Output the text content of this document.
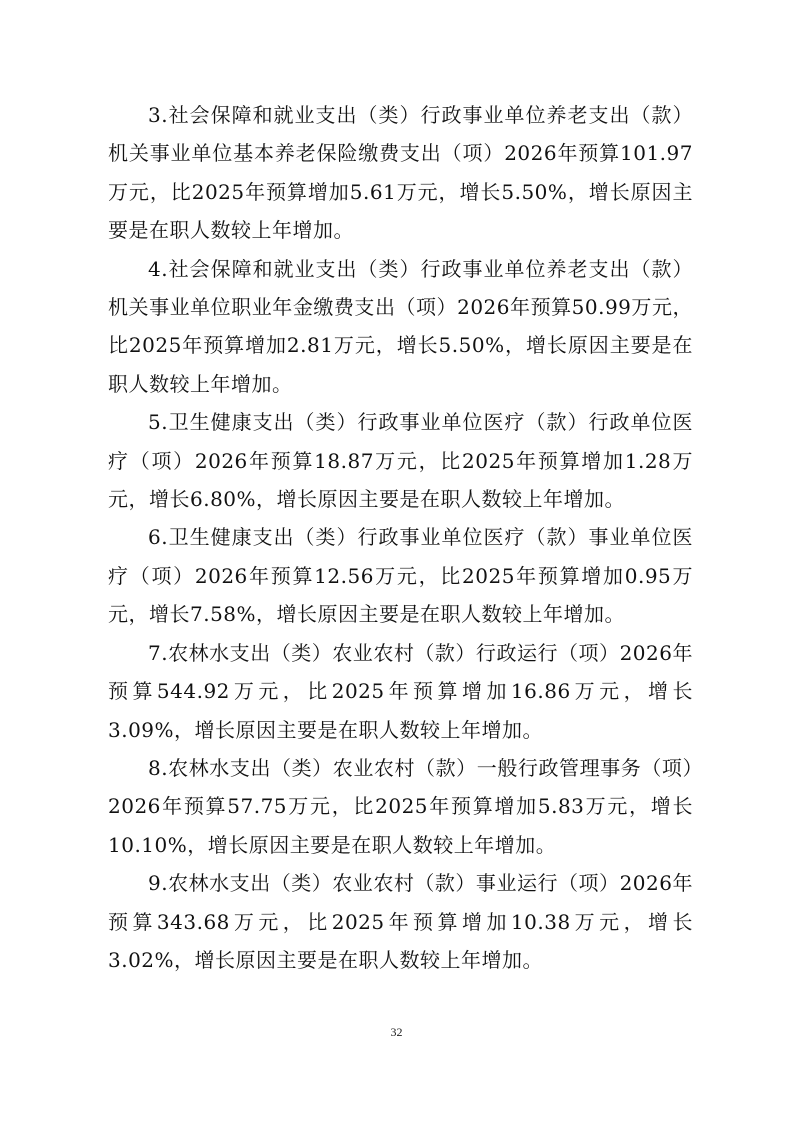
3.社会保障和就业支出（类）行政事业单位养老支出（款）机关事业单位基本养老保险缴费支出（项）2026年预算101.97万元，比2025年预算增加5.61万元，增长5.50%，增长原因主要是在职人数较上年增加。

4.社会保障和就业支出（类）行政事业单位养老支出（款）机关事业单位职业年金缴费支出（项）2026年预算50.99万元，比2025年预算增加2.81万元，增长5.50%，增长原因主要是在职人数较上年增加。

5.卫生健康支出（类）行政事业单位医疗（款）行政单位医疗（项）2026年预算18.87万元，比2025年预算增加1.28万元，增长6.80%，增长原因主要是在职人数较上年增加。

6.卫生健康支出（类）行政事业单位医疗（款）事业单位医疗（项）2026年预算12.56万元，比2025年预算增加0.95万元，增长7.58%，增长原因主要是在职人数较上年增加。

7.农林水支出（类）农业农村（款）行政运行（项）2026年预算544.92万元，比2025年预算增加16.86万元，增长3.09%，增长原因主要是在职人数较上年增加。

8.农林水支出（类）农业农村（款）一般行政管理事务（项）2026年预算57.75万元，比2025年预算增加5.83万元，增长10.10%，增长原因主要是在职人数较上年增加。

9.农林水支出（类）农业农村（款）事业运行（项）2026年预算343.68万元，比2025年预算增加10.38万元，增长3.02%，增长原因主要是在职人数较上年增加。

32
